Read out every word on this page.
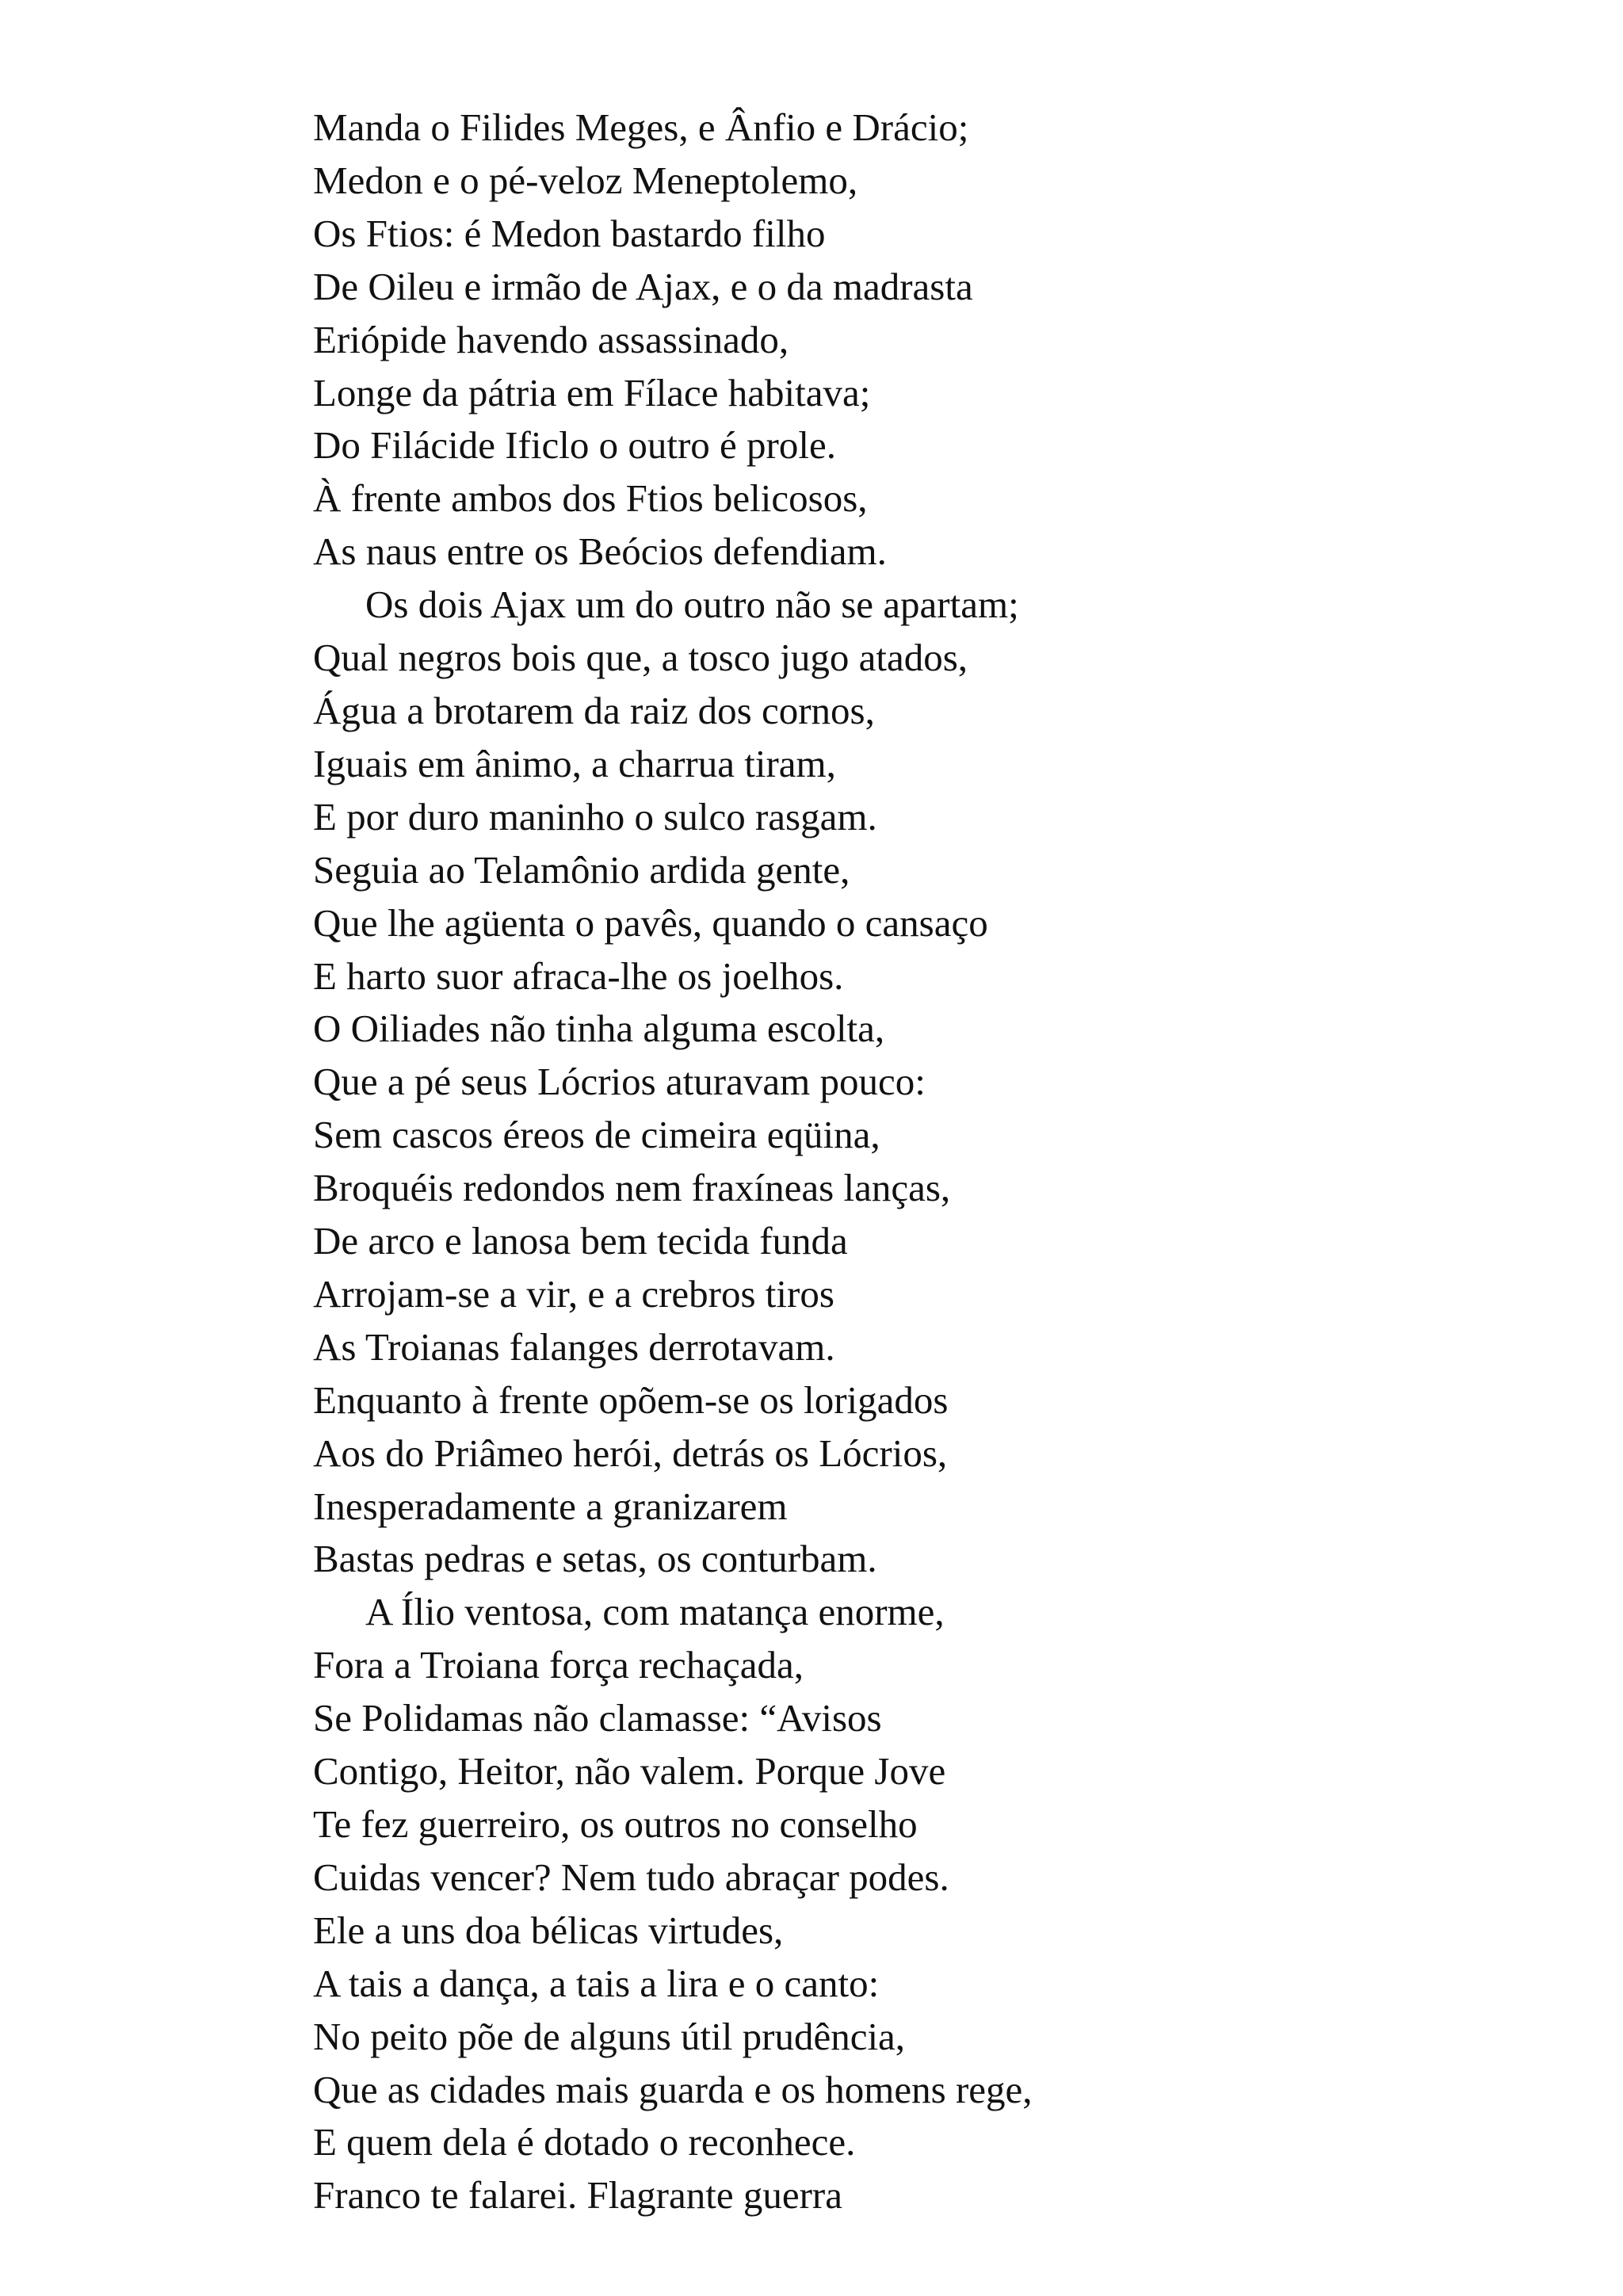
Manda o Filides Meges, e Ânfio e Drácio;
Medon e o pé-veloz Meneptolemo,
Os Ftios: é Medon bastardo filho
De Oileu e irmão de Ajax, e o da madrasta
Eriópide havendo assassinado,
Longe da pátria em Fílace habitava;
Do Filácide Ificlo o outro é prole.
À frente ambos dos Ftios belicosos,
As naus entre os Beócios defendiam.
Os dois Ajax um do outro não se apartam;
Qual negros bois que, a tosco jugo atados,
Água a brotarem da raiz dos cornos,
Iguais em ânimo, a charrua tiram,
E por duro maninho o sulco rasgam.
Seguia ao Telamônio ardida gente,
Que lhe agüenta o pavês, quando o cansaço
E harto suor afraca-lhe os joelhos.
O Oiliades não tinha alguma escolta,
Que a pé seus Lócrios aturavam pouco:
Sem cascos éreos de cimeira eqüina,
Broquéis redondos nem fraxíneas lanças,
De arco e lanosa bem tecida funda
Arrojam-se a vir, e a crebros tiros
As Troianas falanges derrotavam.
Enquanto à frente opõem-se os lorigados
Aos do Priâmeo herói, detrás os Lócrios,
Inesperadamente a granizarem
Bastas pedras e setas, os conturbam.
A Ílio ventosa, com matança enorme,
Fora a Troiana força rechaçada,
Se Polidamas não clamasse: “Avisos
Contigo, Heitor, não valem. Porque Jove
Te fez guerreiro, os outros no conselho
Cuidas vencer? Nem tudo abraçar podes.
Ele a uns doa bélicas virtudes,
A tais a dança, a tais a lira e o canto:
No peito põe de alguns útil prudência,
Que as cidades mais guarda e os homens rege,
E quem dela é dotado o reconhece.
Franco te falarei. Flagrante guerra
